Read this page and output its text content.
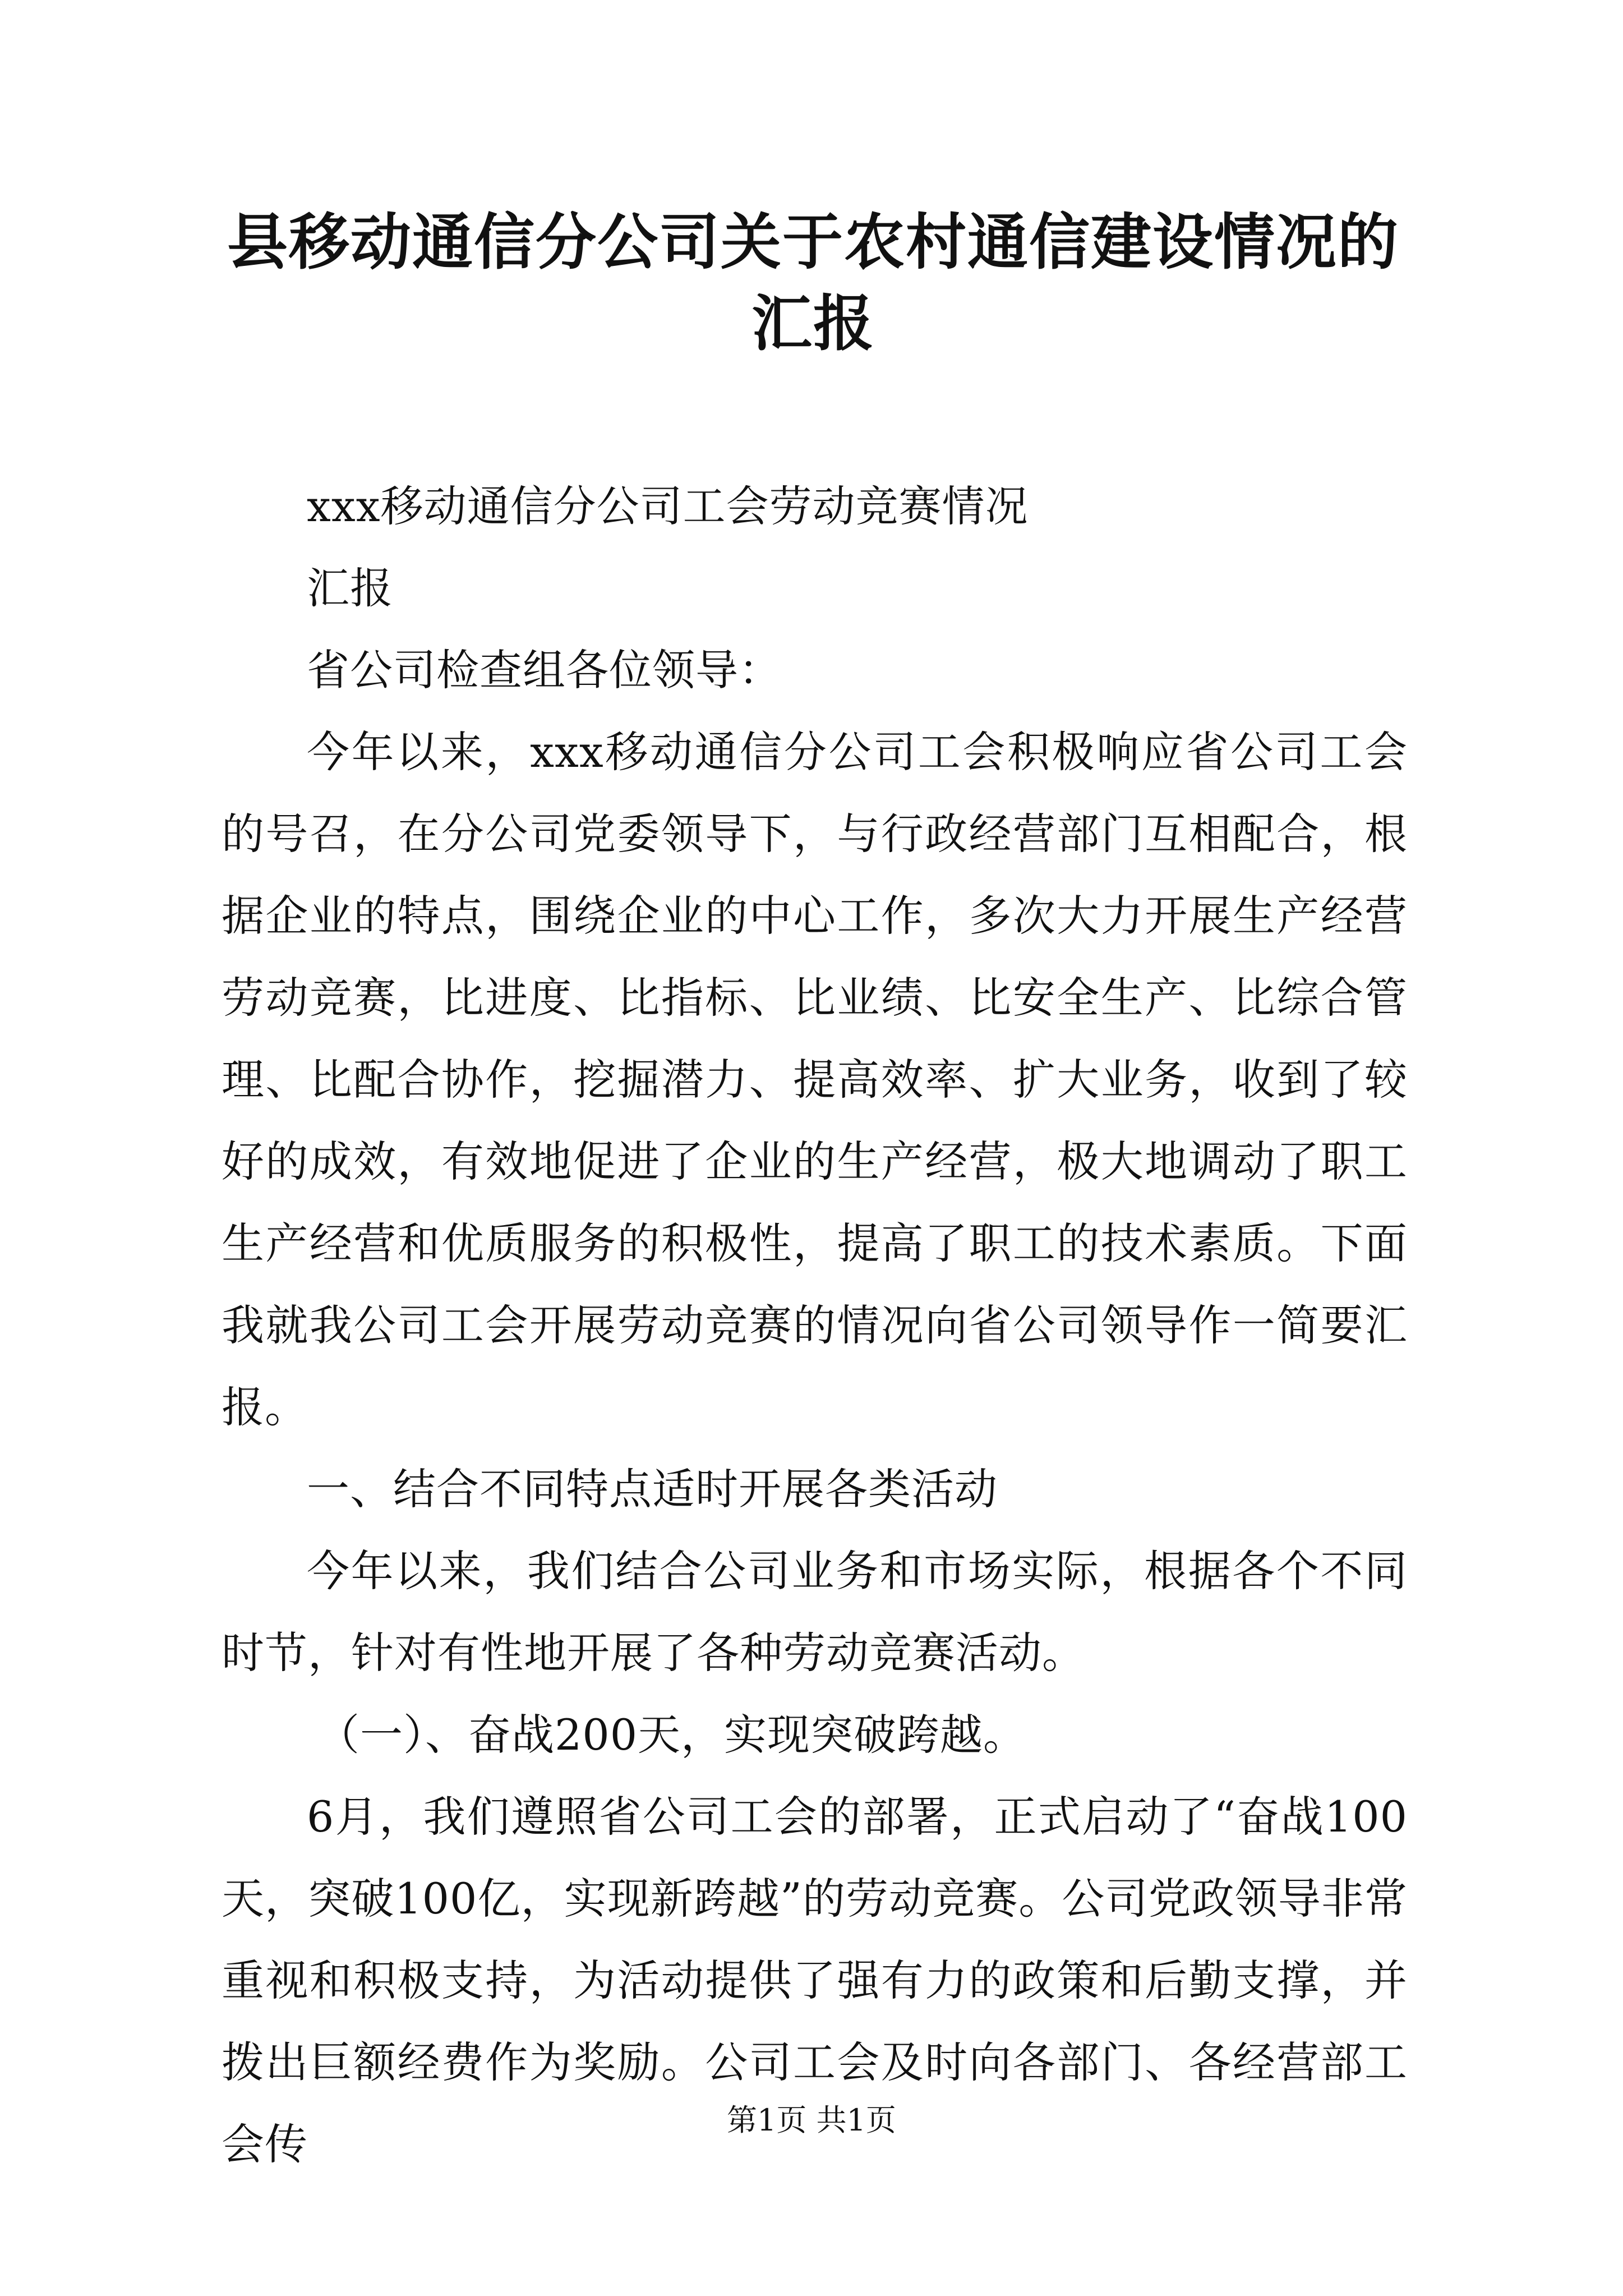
县移动通信分公司关于农村通信建设情况的汇报

xxx移动通信分公司工会劳动竞赛情况

汇报

省公司检查组各位领导：

今年以来，xxx移动通信分公司工会积极响应省公司工会的号召，在分公司党委领导下，与行政经营部门互相配合，根据企业的特点，围绕企业的中心工作，多次大力开展生产经营劳动竞赛，比进度、比指标、比业绩、比安全生产、比综合管理、比配合协作，挖掘潜力、提高效率、扩大业务，收到了较好的成效，有效地促进了企业的生产经营，极大地调动了职工生产经营和优质服务的积极性，提高了职工的技术素质。下面我就我公司工会开展劳动竞赛的情况向省公司领导作一简要汇报。

一、结合不同特点适时开展各类活动

今年以来，我们结合公司业务和市场实际，根据各个不同时节，针对有性地开展了各种劳动竞赛活动。

（一）、奋战200天，实现突破跨越。

6月，我们遵照省公司工会的部署，正式启动了“奋战100天，突破100亿，实现新跨越”的劳动竞赛。公司党政领导非常重视和积极支持，为活动提供了强有力的政策和后勤支撑，并拨出巨额经费作为奖励。公司工会及时向各部门、各经营部工会传	第1页 共1页
